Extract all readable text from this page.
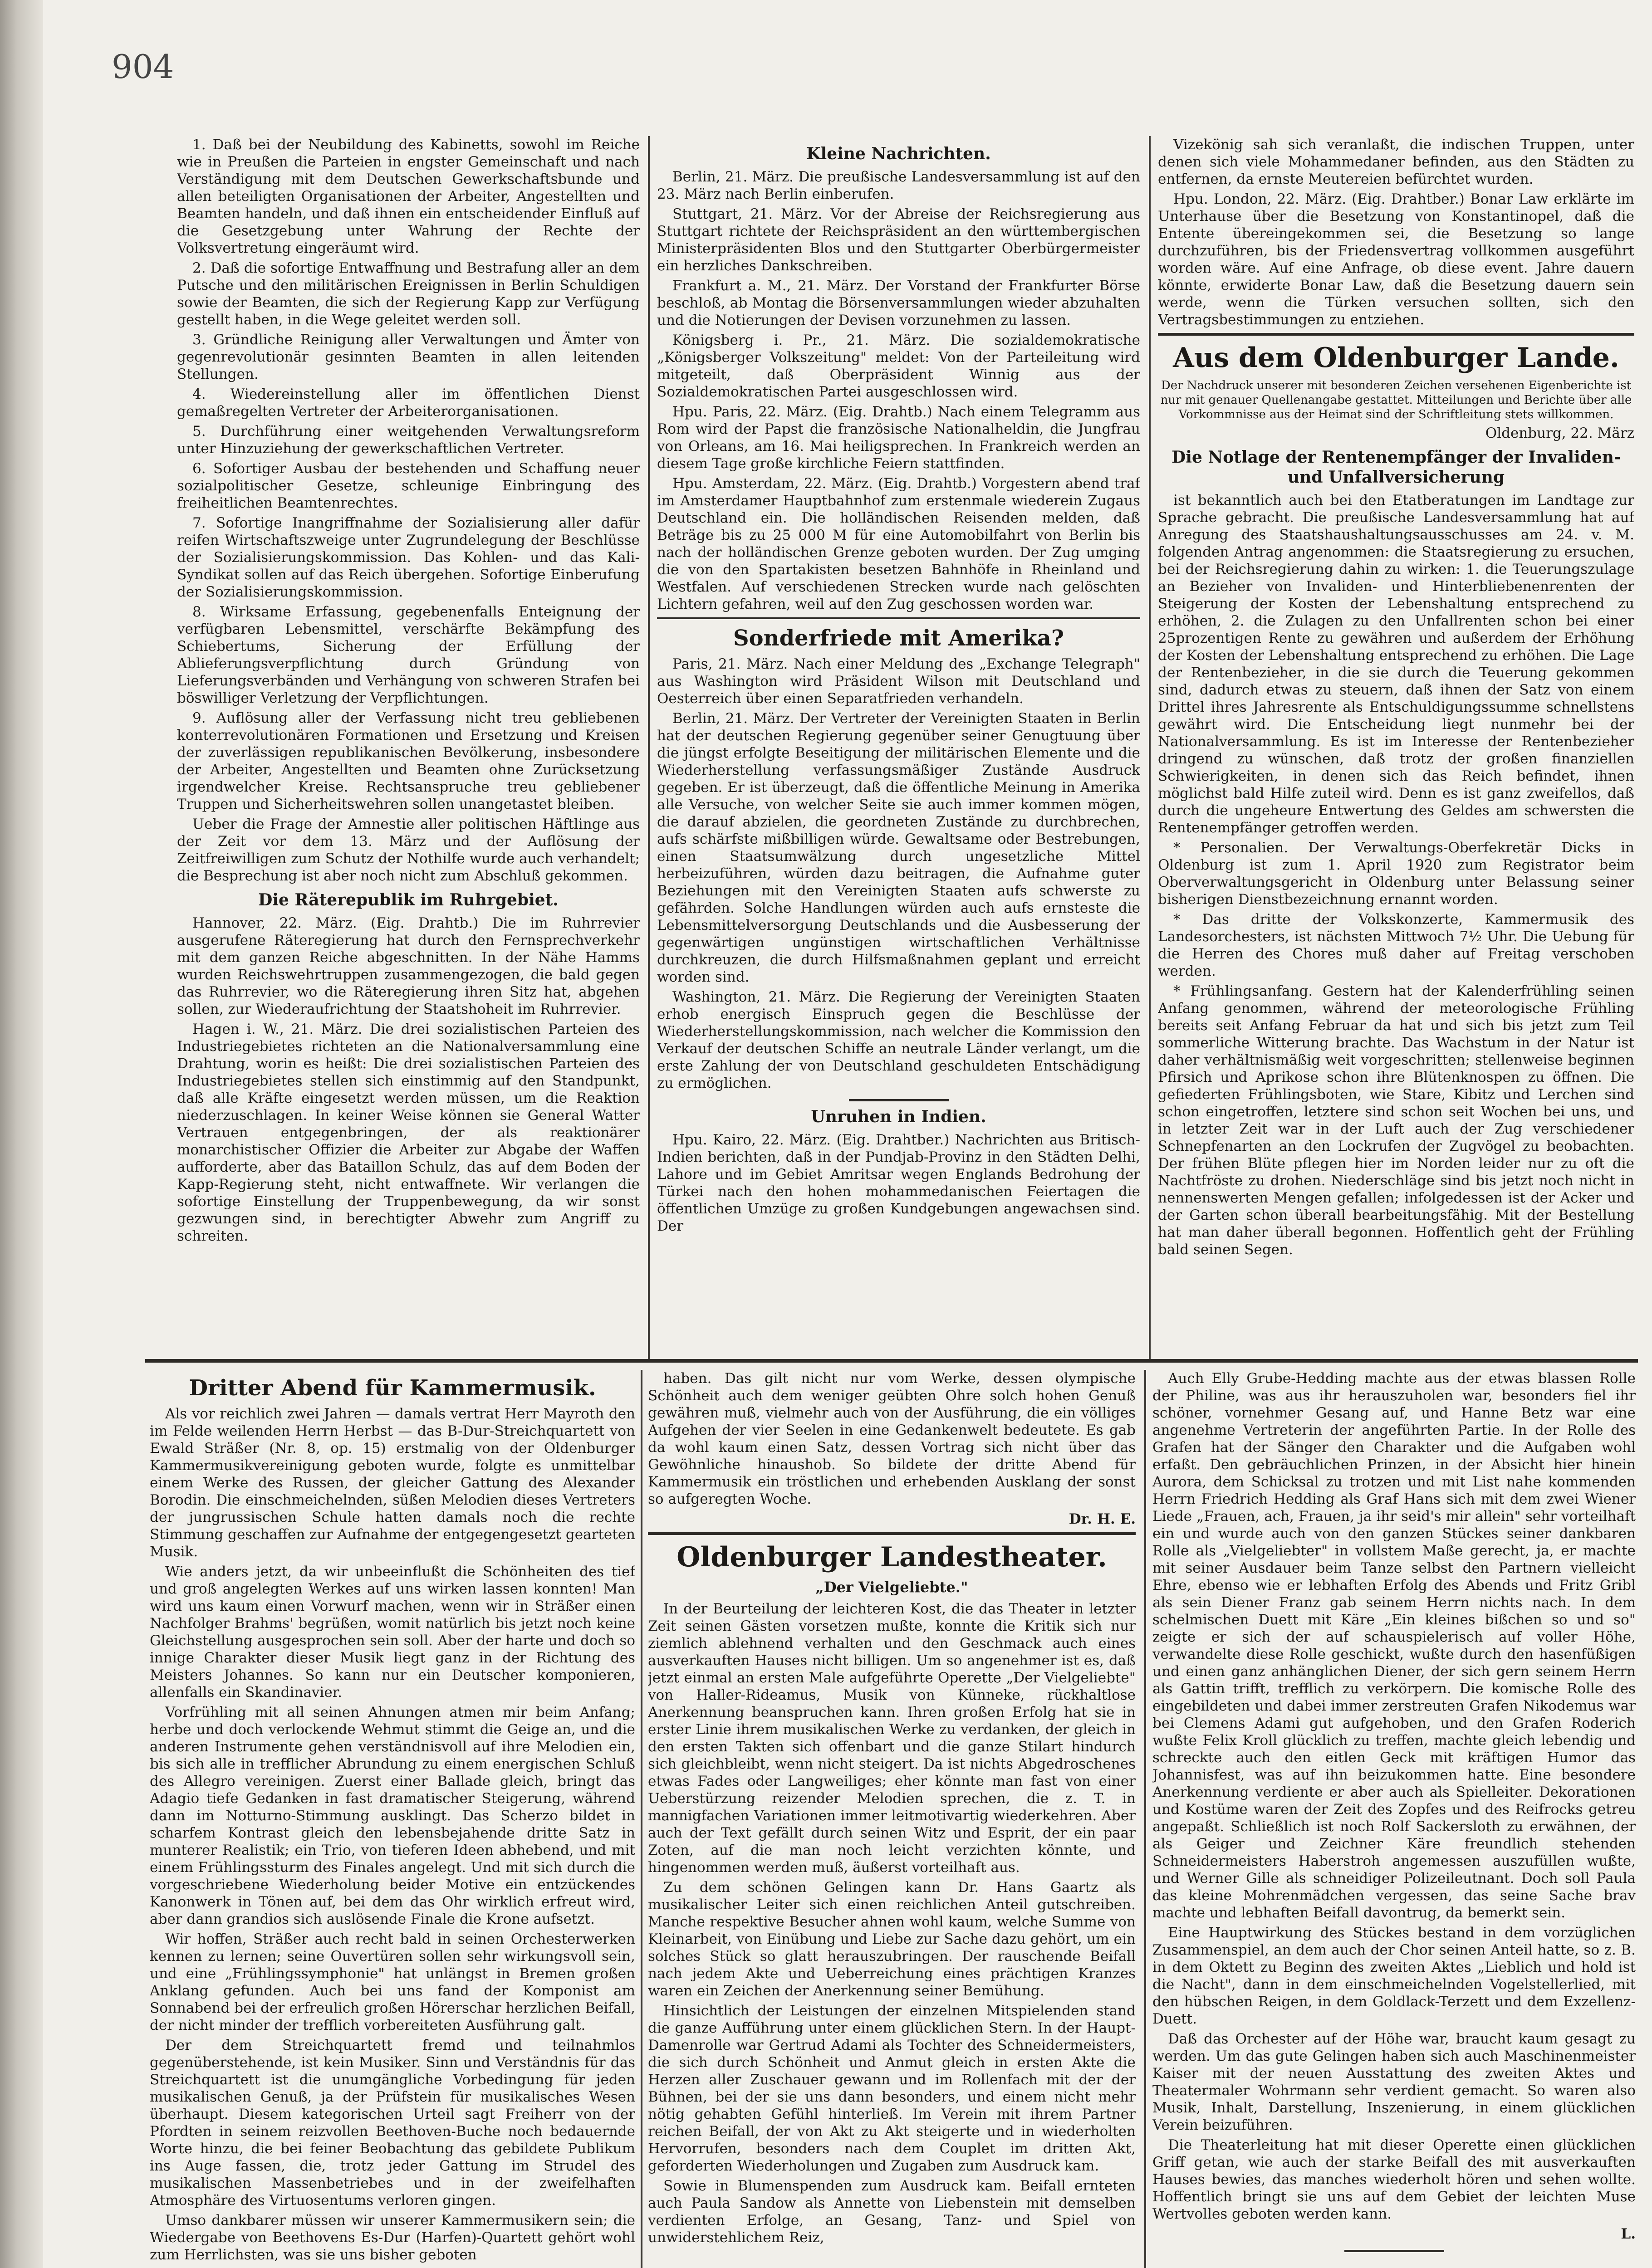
904

1. Daß bei der Neubildung des Kabinetts, sowohl im Reiche wie in Preußen die Parteien in engster Gemeinschaft und nach Verständigung mit dem Deutschen Gewerkschaftsbunde und allen beteiligten Organisationen der Arbeiter, Angestellten und Beamten handeln, und daß ihnen ein entscheidender Einfluß auf die Gesetzgebung unter Wahrung der Rechte der Volksvertretung eingeräumt wird.

2. Daß die sofortige Entwaffnung und Bestrafung aller an dem Putsche und den militärischen Ereignissen in Berlin Schuldigen sowie der Beamten, die sich der Regierung Kapp zur Verfügung gestellt haben, in die Wege geleitet werden soll.

3. Gründliche Reinigung aller Verwaltungen und Ämter von gegenrevolutionär gesinnten Beamten in allen leitenden Stellungen.

4. Wiedereinstellung aller im öffentlichen Dienst gemaßregelten Vertreter der Arbeiterorganisationen.

5. Durchführung einer weitgehenden Verwaltungsreform unter Hinzuziehung der gewerkschaftlichen Vertreter.

6. Sofortiger Ausbau der bestehenden und Schaffung neuer sozialpolitischer Gesetze, schleunige Einbringung des freiheitlichen Beamtenrechtes.

7. Sofortige Inangriffnahme der Sozialisierung aller dafür reifen Wirtschaftszweige unter Zugrundelegung der Beschlüsse der Sozialisierungskommission. Das Kohlen- und das Kali-Syndikat sollen auf das Reich übergehen. Sofortige Einberufung der Sozialisierungskommission.

8. Wirksame Erfassung, gegebenenfalls Enteignung der verfügbaren Lebensmittel, verschärfte Bekämpfung des Schiebertums, Sicherung der Erfüllung der Ablieferungsverpflichtung durch Gründung von Lieferungsverbänden und Verhängung von schweren Strafen bei böswilliger Verletzung der Verpflichtungen.

9. Auflösung aller der Verfassung nicht treu gebliebenen konterrevolutionären Formationen und Ersetzung und Kreisen der zuverlässigen republikanischen Bevölkerung, insbesondere der Arbeiter, Angestellten und Beamten ohne Zurücksetzung irgendwelcher Kreise. Rechtsanspruche treu gebliebener Truppen und Sicherheitswehren sollen unangetastet bleiben.

Ueber die Frage der Amnestie aller politischen Häftlinge aus der Zeit vor dem 13. März und der Auflösung der Zeitfreiwilligen zum Schutz der Nothilfe wurde auch verhandelt; die Besprechung ist aber noch nicht zum Abschluß gekommen.

Die Räterepublik im Ruhrgebiet.

Hannover, 22. März. (Eig. Drahtb.) Die im Ruhrrevier ausgerufene Räteregierung hat durch den Fernsprechverkehr mit dem ganzen Reiche abgeschnitten. In der Nähe Hamms wurden Reichswehrtruppen zusammengezogen, die bald gegen das Ruhrrevier, wo die Räteregierung ihren Sitz hat, abgehen sollen, zur Wiederaufrichtung der Staatshoheit im Ruhrrevier.

Hagen i. W., 21. März. Die drei sozialistischen Parteien des Industriegebietes richteten an die Nationalversammlung eine Drahtung, worin es heißt: Die drei sozialistischen Parteien des Industriegebietes stellen sich einstimmig auf den Standpunkt, daß alle Kräfte eingesetzt werden müssen, um die Reaktion niederzuschlagen. In keiner Weise können sie General Watter Vertrauen entgegenbringen, der als reaktionärer monarchistischer Offizier die Arbeiter zur Abgabe der Waffen aufforderte, aber das Bataillon Schulz, das auf dem Boden der Kapp-Regierung steht, nicht entwaffnete. Wir verlangen die sofortige Einstellung der Truppenbewegung, da wir sonst gezwungen sind, in berechtigter Abwehr zum Angriff zu schreiten.

Kleine Nachrichten.

Berlin, 21. März. Die preußische Landesversammlung ist auf den 23. März nach Berlin einberufen.

Stuttgart, 21. März. Vor der Abreise der Reichsregierung aus Stuttgart richtete der Reichspräsident an den württembergischen Ministerpräsidenten Blos und den Stuttgarter Oberbürgermeister ein herzliches Dankschreiben.

Frankfurt a. M., 21. März. Der Vorstand der Frankfurter Börse beschloß, ab Montag die Börsenversammlungen wieder abzuhalten und die Notierungen der Devisen vorzunehmen zu lassen.

Königsberg i. Pr., 21. März. Die sozialdemokratische „Königsberger Volkszeitung" meldet: Von der Parteileitung wird mitgeteilt, daß Oberpräsident Winnig aus der Sozialdemokratischen Partei ausgeschlossen wird.

Hpu. Paris, 22. März. (Eig. Drahtb.) Nach einem Telegramm aus Rom wird der Papst die französische Nationalheldin, die Jungfrau von Orleans, am 16. Mai heiligsprechen. In Frankreich werden an diesem Tage große kirchliche Feiern stattfinden.

Hpu. Amsterdam, 22. März. (Eig. Drahtb.) Vorgestern abend traf im Amsterdamer Hauptbahnhof zum erstenmale wiederein Zugaus Deutschland ein. Die holländischen Reisenden melden, daß Beträge bis zu 25 000 M für eine Automobilfahrt von Berlin bis nach der holländischen Grenze geboten wurden. Der Zug umging die von den Spartakisten besetzen Bahnhöfe in Rheinland und Westfalen. Auf verschiedenen Strecken wurde nach gelöschten Lichtern gefahren, weil auf den Zug geschossen worden war.

Sonderfriede mit Amerika?

Paris, 21. März. Nach einer Meldung des „Exchange Telegraph" aus Washington wird Präsident Wilson mit Deutschland und Oesterreich über einen Separatfrieden verhandeln.

Berlin, 21. März. Der Vertreter der Vereinigten Staaten in Berlin hat der deutschen Regierung gegenüber seiner Genugtuung über die jüngst erfolgte Beseitigung der militärischen Elemente und die Wiederherstellung verfassungsmäßiger Zustände Ausdruck gegeben. Er ist überzeugt, daß die öffentliche Meinung in Amerika alle Versuche, von welcher Seite sie auch immer kommen mögen, die darauf abzielen, die geordneten Zustände zu durchbrechen, aufs schärfste mißbilligen würde. Gewaltsame oder Bestrebungen, einen Staatsumwälzung durch ungesetzliche Mittel herbeizuführen, würden dazu beitragen, die Aufnahme guter Beziehungen mit den Vereinigten Staaten aufs schwerste zu gefährden. Solche Handlungen würden auch aufs ernsteste die Lebensmittelversorgung Deutschlands und die Ausbesserung der gegenwärtigen ungünstigen wirtschaftlichen Verhältnisse durchkreuzen, die durch Hilfsmaßnahmen geplant und erreicht worden sind.

Washington, 21. März. Die Regierung der Vereinigten Staaten erhob energisch Einspruch gegen die Beschlüsse der Wiederherstellungskommission, nach welcher die Kommission den Verkauf der deutschen Schiffe an neutrale Länder verlangt, um die erste Zahlung der von Deutschland geschuldeten Entschädigung zu ermöglichen.

Unruhen in Indien.

Hpu. Kairo, 22. März. (Eig. Drahtber.) Nachrichten aus Britisch-Indien berichten, daß in der Pundjab-Provinz in den Städten Delhi, Lahore und im Gebiet Amritsar wegen Englands Bedrohung der Türkei nach den hohen mohammedanischen Feiertagen die öffentlichen Umzüge zu großen Kundgebungen angewachsen sind. Der

Vizekönig sah sich veranlaßt, die indischen Truppen, unter denen sich viele Mohammedaner befinden, aus den Städten zu entfernen, da ernste Meutereien befürchtet wurden.

Hpu. London, 22. März. (Eig. Drahtber.) Bonar Law erklärte im Unterhause über die Besetzung von Konstantinopel, daß die Entente übereingekommen sei, die Besetzung so lange durchzuführen, bis der Friedensvertrag vollkommen ausgeführt worden wäre. Auf eine Anfrage, ob diese event. Jahre dauern könnte, erwiderte Bonar Law, daß die Besetzung dauern sein werde, wenn die Türken versuchen sollten, sich den Vertragsbestimmungen zu entziehen.

Aus dem Oldenburger Lande.
Der Nachdruck unserer mit besonderen Zeichen versehenen Eigenberichte ist nur mit genauer Quellenangabe gestattet. Mitteilungen und Berichte über alle Vorkommnisse aus der Heimat sind der Schriftleitung stets willkommen.
Oldenburg, 22. März
Die Notlage der Rentenempfänger der Invaliden- und Unfallversicherung

ist bekanntlich auch bei den Etatberatungen im Landtage zur Sprache gebracht. Die preußische Landesversammlung hat auf Anregung des Staatshaushaltungsausschusses am 24. v. M. folgenden Antrag angenommen: die Staatsregierung zu ersuchen, bei der Reichsregierung dahin zu wirken: 1. die Teuerungszulage an Bezieher von Invaliden- und Hinterbliebenenrenten der Steigerung der Kosten der Lebenshaltung entsprechend zu erhöhen, 2. die Zulagen zu den Unfallrenten schon bei einer 25prozentigen Rente zu gewähren und außerdem der Erhöhung der Kosten der Lebenshaltung entsprechend zu erhöhen. Die Lage der Rentenbezieher, in die sie durch die Teuerung gekommen sind, dadurch etwas zu steuern, daß ihnen der Satz von einem Drittel ihres Jahresrente als Entschuldigungssumme schnellstens gewährt wird. Die Entscheidung liegt nunmehr bei der Nationalversammlung. Es ist im Interesse der Rentenbezieher dringend zu wünschen, daß trotz der großen finanziellen Schwierigkeiten, in denen sich das Reich befindet, ihnen möglichst bald Hilfe zuteil wird. Denn es ist ganz zweifellos, daß durch die ungeheure Entwertung des Geldes am schwersten die Rentenempfänger getroffen werden.

* Personalien. Der Verwaltungs-Oberfekretär Dicks in Oldenburg ist zum 1. April 1920 zum Registrator beim Oberverwaltungsgericht in Oldenburg unter Belassung seiner bisherigen Dienstbezeichnung ernannt worden.

* Das dritte der Volkskonzerte, Kammermusik des Landesorchesters, ist nächsten Mittwoch 7½ Uhr. Die Uebung für die Herren des Chores muß daher auf Freitag verschoben werden.

* Frühlingsanfang. Gestern hat der Kalenderfrühling seinen Anfang genommen, während der meteorologische Frühling bereits seit Anfang Februar da hat und sich bis jetzt zum Teil sommerliche Witterung brachte. Das Wachstum in der Natur ist daher verhältnismäßig weit vorgeschritten; stellenweise beginnen Pfirsich und Aprikose schon ihre Blütenknospen zu öffnen. Die gefiederten Frühlingsboten, wie Stare, Kibitz und Lerchen sind schon eingetroffen, letztere sind schon seit Wochen bei uns, und in letzter Zeit war in der Luft auch der Zug verschiedener Schnepfenarten an den Lockrufen der Zugvögel zu beobachten. Der frühen Blüte pflegen hier im Norden leider nur zu oft die Nachtfröste zu drohen. Niederschläge sind bis jetzt noch nicht in nennenswerten Mengen gefallen; infolgedessen ist der Acker und der Garten schon überall bearbeitungsfähig. Mit der Bestellung hat man daher überall begonnen. Hoffentlich geht der Frühling bald seinen Segen.

Dritter Abend für Kammermusik.

Als vor reichlich zwei Jahren — damals vertrat Herr Mayroth den im Felde weilenden Herrn Herbst — das B-Dur-Streichquartett von Ewald Sträßer (Nr. 8, op. 15) erstmalig von der Oldenburger Kammermusikvereinigung geboten wurde, folgte es unmittelbar einem Werke des Russen, der gleicher Gattung des Alexander Borodin. Die einschmeichelnden, süßen Melodien dieses Vertreters der jungrussischen Schule hatten damals noch die rechte Stimmung geschaffen zur Aufnahme der entgegengesetzt gearteten Musik.

Wie anders jetzt, da wir unbeeinflußt die Schönheiten des tief und groß angelegten Werkes auf uns wirken lassen konnten! Man wird uns kaum einen Vorwurf machen, wenn wir in Sträßer einen Nachfolger Brahms' begrüßen, womit natürlich bis jetzt noch keine Gleichstellung ausgesprochen sein soll. Aber der harte und doch so innige Charakter dieser Musik liegt ganz in der Richtung des Meisters Johannes. So kann nur ein Deutscher komponieren, allenfalls ein Skandinavier.

Vorfrühling mit all seinen Ahnungen atmen mir beim Anfang; herbe und doch verlockende Wehmut stimmt die Geige an, und die anderen Instrumente gehen verständnisvoll auf ihre Melodien ein, bis sich alle in trefflicher Abrundung zu einem energischen Schluß des Allegro vereinigen. Zuerst einer Ballade gleich, bringt das Adagio tiefe Gedanken in fast dramatischer Steigerung, während dann im Notturno-Stimmung ausklingt. Das Scherzo bildet in scharfem Kontrast gleich den lebensbejahende dritte Satz in munterer Realistik; ein Trio, von tieferen Ideen abhebend, und mit einem Frühlingssturm des Finales angelegt. Und mit sich durch die vorgeschriebene Wiederholung beider Motive ein entzückendes Kanonwerk in Tönen auf, bei dem das Ohr wirklich erfreut wird, aber dann grandios sich auslösende Finale die Krone aufsetzt.

Wir hoffen, Sträßer auch recht bald in seinen Orchesterwerken kennen zu lernen; seine Ouvertüren sollen sehr wirkungsvoll sein, und eine „Frühlingssymphonie" hat unlängst in Bremen großen Anklang gefunden. Auch bei uns fand der Komponist am Sonnabend bei der erfreulich großen Hörerschar herzlichen Beifall, der nicht minder der trefflich vorbereiteten Ausführung galt.

Der dem Streichquartett fremd und teilnahmlos gegenüberstehende, ist kein Musiker. Sinn und Verständnis für das Streichquartett ist die unumgängliche Vorbedingung für jeden musikalischen Genuß, ja der Prüfstein für musikalisches Wesen überhaupt. Diesem kategorischen Urteil sagt Freiherr von der Pfordten in seinem reizvollen Beethoven-Buche noch bedauernde Worte hinzu, die bei feiner Beobachtung das gebildete Publikum ins Auge fassen, die, trotz jeder Gattung im Strudel des musikalischen Massenbetriebes und in der zweifelhaften Atmosphäre des Virtuosentums verloren gingen.

Umso dankbarer müssen wir unserer Kammermusikern sein; die Wiedergabe von Beethovens Es-Dur (Harfen)-Quartett gehört wohl zum Herrlichsten, was sie uns bisher geboten

haben. Das gilt nicht nur vom Werke, dessen olympische Schönheit auch dem weniger geübten Ohre solch hohen Genuß gewähren muß, vielmehr auch von der Ausführung, die ein völliges Aufgehen der vier Seelen in eine Gedankenwelt bedeutete. Es gab da wohl kaum einen Satz, dessen Vortrag sich nicht über das Gewöhnliche hinaushob. So bildete der dritte Abend für Kammermusik ein tröstlichen und erhebenden Ausklang der sonst so aufgeregten Woche.

Dr. H. E.
Oldenburger Landestheater.
„Der Vielgeliebte."

In der Beurteilung der leichteren Kost, die das Theater in letzter Zeit seinen Gästen vorsetzen mußte, konnte die Kritik sich nur ziemlich ablehnend verhalten und den Geschmack auch eines ausverkauften Hauses nicht billigen. Um so angenehmer ist es, daß jetzt einmal an ersten Male aufgeführte Operette „Der Vielgeliebte" von Haller-Rideamus, Musik von Künneke, rückhaltlose Anerkennung beanspruchen kann. Ihren großen Erfolg hat sie in erster Linie ihrem musikalischen Werke zu verdanken, der gleich in den ersten Takten sich offenbart und die ganze Stilart hindurch sich gleichbleibt, wenn nicht steigert. Da ist nichts Abgedroschenes etwas Fades oder Langweiliges; eher könnte man fast von einer Ueberstürzung reizender Melodien sprechen, die z. T. in mannigfachen Variationen immer leitmotivartig wiederkehren. Aber auch der Text gefällt durch seinen Witz und Esprit, der ein paar Zoten, auf die man noch leicht verzichten könnte, und hingenommen werden muß, äußerst vorteilhaft aus.

Zu dem schönen Gelingen kann Dr. Hans Gaartz als musikalischer Leiter sich einen reichlichen Anteil gutschreiben. Manche respektive Besucher ahnen wohl kaum, welche Summe von Kleinarbeit, von Einübung und Liebe zur Sache dazu gehört, um ein solches Stück so glatt herauszubringen. Der rauschende Beifall nach jedem Akte und Ueberreichung eines prächtigen Kranzes waren ein Zeichen der Anerkennung seiner Bemühung.

Hinsichtlich der Leistungen der einzelnen Mitspielenden stand die ganze Aufführung unter einem glücklichen Stern. In der Haupt-Damenrolle war Gertrud Adami als Tochter des Schneidermeisters, die sich durch Schönheit und Anmut gleich in ersten Akte die Herzen aller Zuschauer gewann und im Rollenfach mit der der Bühnen, bei der sie uns dann besonders, und einem nicht mehr nötig gehabten Gefühl hinterließ. Im Verein mit ihrem Partner reichen Beifall, der von Akt zu Akt steigerte und in wiederholten Hervorrufen, besonders nach dem Couplet im dritten Akt, geforderten Wiederholungen und Zugaben zum Ausdruck kam.

Sowie in Blumenspenden zum Ausdruck kam. Beifall ernteten auch Paula Sandow als Annette von Liebenstein mit demselben verdienten Erfolge, an Gesang, Tanz- und Spiel von unwiderstehlichem Reiz,

Auch Elly Grube-Hedding machte aus der etwas blassen Rolle der Philine, was aus ihr herauszuholen war, besonders fiel ihr schöner, vornehmer Gesang auf, und Hanne Betz war eine angenehme Vertreterin der angeführten Partie. In der Rolle des Grafen hat der Sänger den Charakter und die Aufgaben wohl erfaßt. Den gebräuchlichen Prinzen, in der Absicht hier hinein Aurora, dem Schicksal zu trotzen und mit List nahe kommenden Herrn Friedrich Hedding als Graf Hans sich mit dem zwei Wiener Liede „Frauen, ach, Frauen, ja ihr seid's mir allein" sehr vorteilhaft ein und wurde auch von den ganzen Stückes seiner dankbaren Rolle als „Vielgeliebter" in vollstem Maße gerecht, ja, er machte mit seiner Ausdauer beim Tanze selbst den Partnern vielleicht Ehre, ebenso wie er lebhaften Erfolg des Abends und Fritz Gribl als sein Diener Franz gab seinem Herrn nichts nach. In dem schelmischen Duett mit Käre „Ein kleines bißchen so und so" zeigte er sich der auf schauspielerisch auf voller Höhe, verwandelte diese Rolle geschickt, wußte durch den hasenfüßigen und einen ganz anhänglichen Diener, der sich gern seinem Herrn als Gattin trifft, trefflich zu verkörpern. Die komische Rolle des eingebildeten und dabei immer zerstreuten Grafen Nikodemus war bei Clemens Adami gut aufgehoben, und den Grafen Roderich wußte Felix Kroll glücklich zu treffen, machte gleich lebendig und schreckte auch den eitlen Geck mit kräftigen Humor das Johannisfest, was auf ihn beizukommen hatte. Eine besondere Anerkennung verdiente er aber auch als Spielleiter. Dekorationen und Kostüme waren der Zeit des Zopfes und des Reifrocks getreu angepaßt. Schließlich ist noch Rolf Sackersloth zu erwähnen, der als Geiger und Zeichner Käre freundlich stehenden Schneidermeisters Haberstroh angemessen auszufüllen wußte, und Werner Gille als schneidiger Polizeileutnant. Doch soll Paula das kleine Mohrenmädchen vergessen, das seine Sache brav machte und lebhaften Beifall davontrug, da bemerkt sein.

Eine Hauptwirkung des Stückes bestand in dem vorzüglichen Zusammenspiel, an dem auch der Chor seinen Anteil hatte, so z. B. in dem Oktett zu Beginn des zweiten Aktes „Lieblich und hold ist die Nacht", dann in dem einschmeichelnden Vogelstellerlied, mit den hübschen Reigen, in dem Goldlack-Terzett und dem Exzellenz-Duett.

Daß das Orchester auf der Höhe war, braucht kaum gesagt zu werden. Um das gute Gelingen haben sich auch Maschinenmeister Kaiser mit der neuen Ausstattung des zweiten Aktes und Theatermaler Wohrmann sehr verdient gemacht. So waren also Musik, Inhalt, Darstellung, Inszenierung, in einem glücklichen Verein beizuführen.

Die Theaterleitung hat mit dieser Operette einen glücklichen Griff getan, wie auch der starke Beifall des mit ausverkauften Hauses bewies, das manches wiederholt hören und sehen wollte. Hoffentlich bringt sie uns auf dem Gebiet der leichten Muse Wertvolles geboten werden kann.

L.
